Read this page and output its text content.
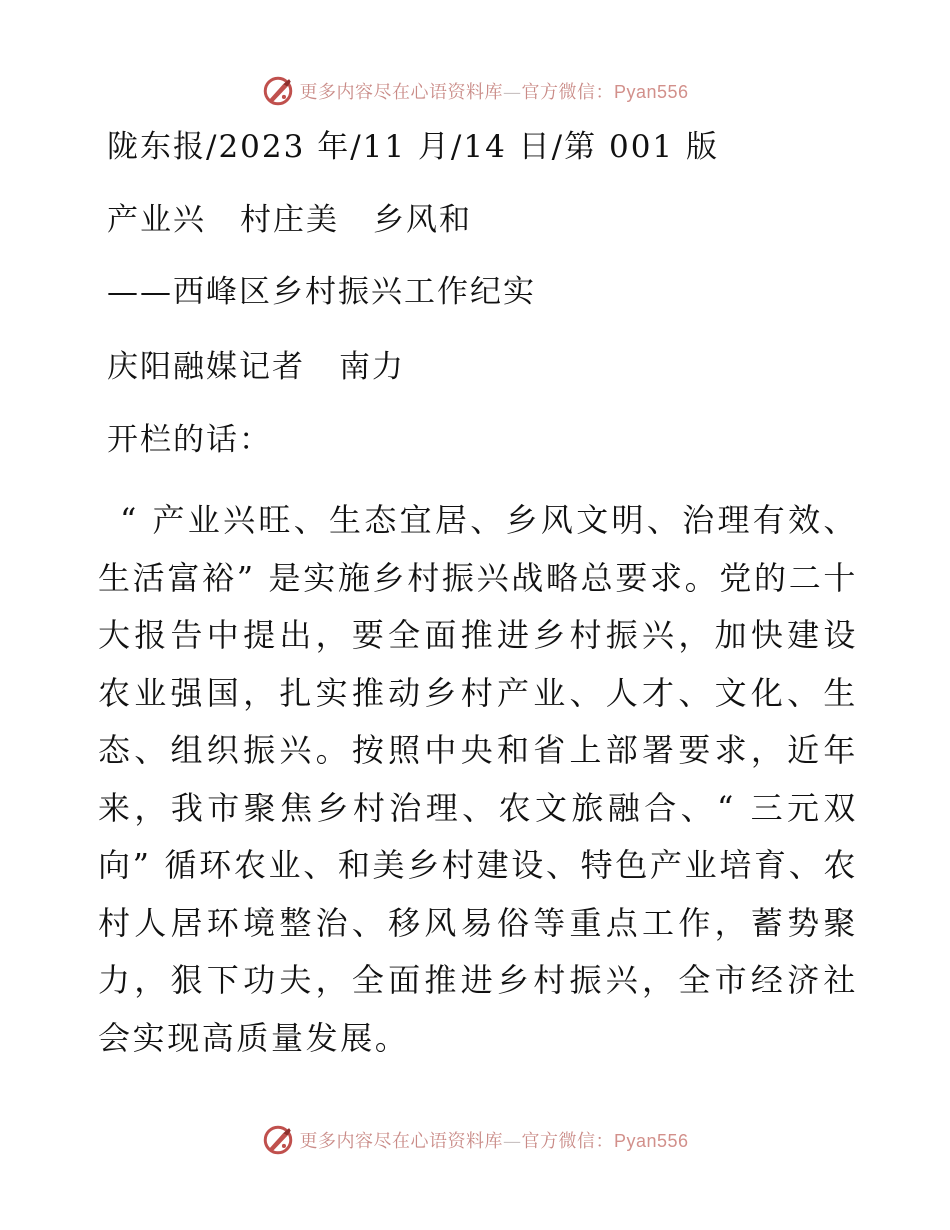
更多内容尽在心语资料库—官方微信：Pyan556
陇东报/2023 年/11 月/14 日/第 001 版
产业兴 村庄美 乡风和
——西峰区乡村振兴工作纪实
庆阳融媒记者 南力
开栏的话：
“ 产业兴旺、生态宜居、乡风文明、治理有效、生活富裕” 是实施乡村振兴战略总要求。党的二十大报告中提出，要全面推进乡村振兴，加快建设农业强国，扎实推动乡村产业、人才、文化、生态、组织振兴。按照中央和省上部署要求，近年来，我市聚焦乡村治理、农文旅融合、“ 三元双向” 循环农业、和美乡村建设、特色产业培育、农村人居环境整治、移风易俗等重点工作，蓄势聚力，狠下功夫，全面推进乡村振兴，全市经济社会实现高质量发展。
更多内容尽在心语资料库—官方微信：Pyan556
